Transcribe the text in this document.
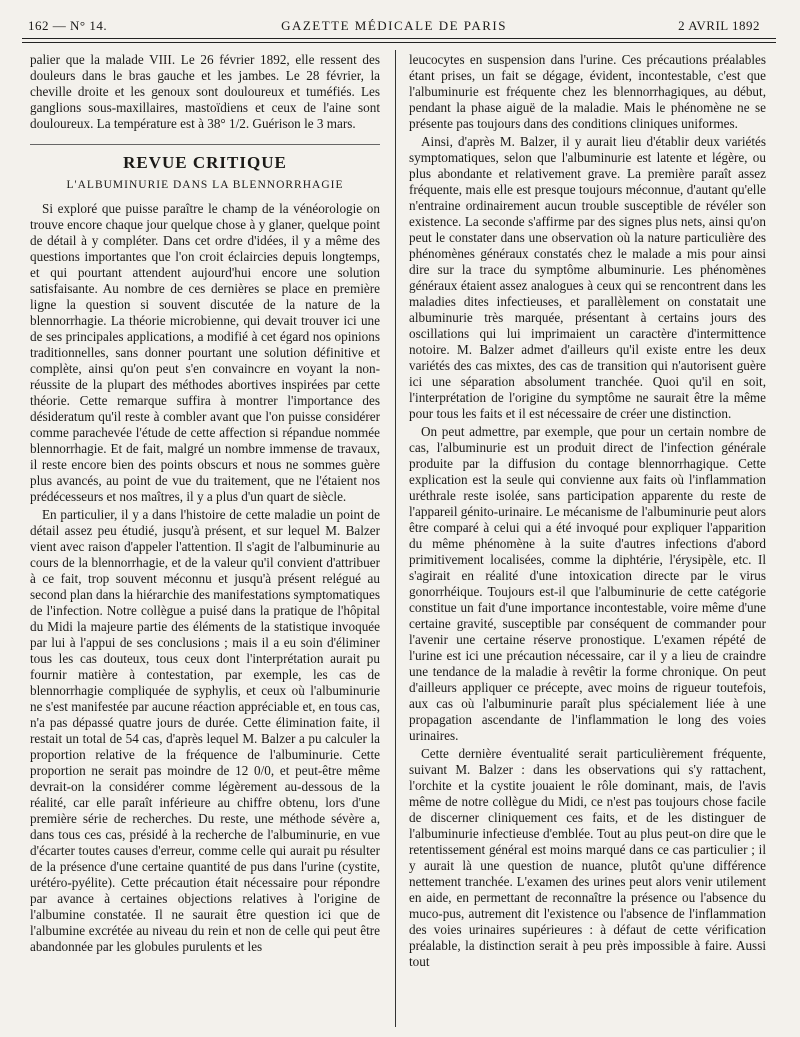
162 — N° 14.	GAZETTE MÉDICALE DE PARIS	2 AVRIL 1892

palier que la malade VIII. Le 26 février 1892, elle ressent des douleurs dans le bras gauche et les jambes. Le 28 février, la cheville droite et les genoux sont douloureux et tuméfiés. Les ganglions sous-maxillaires, mastoïdiens et ceux de l'aine sont douloureux. La température est à 38° 1/2. Guérison le 3 mars.

REVUE CRITIQUE
L'ALBUMINURIE DANS LA BLENNORRHAGIE

Si exploré que puisse paraître le champ de la vénéorologie on trouve encore chaque jour quelque chose à y glaner, quelque point de détail à y compléter. Dans cet ordre d'idées, il y a même des questions importantes que l'on croit éclaircies depuis longtemps, et qui pourtant attendent aujourd'hui encore une solution satisfaisante. Au nombre de ces dernières se place en première ligne la question si souvent discutée de la nature de la blennorrhagie. La théorie microbienne, qui devait trouver ici une de ses principales applications, a modifié à cet égard nos opinions traditionnelles, sans donner pourtant une solution définitive et complète, ainsi qu'on peut s'en convaincre en voyant la non-réussite de la plupart des méthodes abortives inspirées par cette théorie. Cette remarque suffira à montrer l'importance des désideratum qu'il reste à combler avant que l'on puisse considérer comme parachevée l'étude de cette affection si répandue nommée blennorrhagie. Et de fait, malgré un nombre immense de travaux, il reste encore bien des points obscurs et nous ne sommes guère plus avancés, au point de vue du traitement, que ne l'étaient nos prédécesseurs et nos maîtres, il y a plus d'un quart de siècle.

En particulier, il y a dans l'histoire de cette maladie un point de détail assez peu étudié, jusqu'à présent, et sur lequel M. Balzer vient avec raison d'appeler l'attention. Il s'agit de l'albuminurie au cours de la blennorrhagie, et de la valeur qu'il convient d'attribuer à ce fait, trop souvent méconnu et jusqu'à présent relégué au second plan dans la hiérarchie des manifestations symptomatiques de l'infection. Notre collègue a puisé dans la pratique de l'hôpital du Midi la majeure partie des éléments de la statistique invoquée par lui à l'appui de ses conclusions ; mais il a eu soin d'éliminer tous les cas douteux, tous ceux dont l'interprétation aurait pu fournir matière à contestation, par exemple, les cas de blennorrhagie compliquée de syphylis, et ceux où l'albuminurie ne s'est manifestée par aucune réaction appréciable et, en tous cas, n'a pas dépassé quatre jours de durée. Cette élimination faite, il restait un total de 54 cas, d'après lequel M. Balzer a pu calculer la proportion relative de la fréquence de l'albuminurie. Cette proportion ne serait pas moindre de 12 0/0, et peut-être même devrait-on la considérer comme légèrement au-dessous de la réalité, car elle paraît inférieure au chiffre obtenu, lors d'une première série de recherches. Du reste, une méthode sévère a, dans tous ces cas, présidé à la recherche de l'albuminurie, en vue d'écarter toutes causes d'erreur, comme celle qui aurait pu résulter de la présence d'une certaine quantité de pus dans l'urine (cystite, urétéro-pyélite). Cette précaution était nécessaire pour répondre par avance à certaines objections relatives à l'origine de l'albumine constatée. Il ne saurait être question ici que de l'albumine excrétée au niveau du rein et non de celle qui peut être abandonnée par les globules purulents et les

leucocytes en suspension dans l'urine. Ces précautions préalables étant prises, un fait se dégage, évident, incontestable, c'est que l'albuminurie est fréquente chez les blennorrhagiques, au début, pendant la phase aiguë de la maladie. Mais le phénomène ne se présente pas toujours dans des conditions cliniques uniformes.

Ainsi, d'après M. Balzer, il y aurait lieu d'établir deux variétés symptomatiques, selon que l'albuminurie est latente et légère, ou plus abondante et relativement grave. La première paraît assez fréquente, mais elle est presque toujours méconnue, d'autant qu'elle n'entraine ordinairement aucun trouble susceptible de révéler son existence. La seconde s'affirme par des signes plus nets, ainsi qu'on peut le constater dans une observation où la nature particulière des phénomènes généraux constatés chez le malade a mis pour ainsi dire sur la trace du symptôme albuminurie. Les phénomènes généraux étaient assez analogues à ceux qui se rencontrent dans les maladies dites infectieuses, et parallèlement on constatait une albuminurie très marquée, présentant à certains jours des oscillations qui lui imprimaient un caractère d'intermittence notoire. M. Balzer admet d'ailleurs qu'il existe entre les deux variétés des cas mixtes, des cas de transition qui n'autorisent guère ici une séparation absolument tranchée. Quoi qu'il en soit, l'interprétation de l'origine du symptôme ne saurait être la même pour tous les faits et il est nécessaire de créer une distinction.

On peut admettre, par exemple, que pour un certain nombre de cas, l'albuminurie est un produit direct de l'infection générale produite par la diffusion du contage blennorrhagique. Cette explication est la seule qui convienne aux faits où l'inflammation uréthrale reste isolée, sans participation apparente du reste de l'appareil génito-urinaire. Le mécanisme de l'albuminurie peut alors être comparé à celui qui a été invoqué pour expliquer l'apparition du même phénomène à la suite d'autres infections d'abord primitivement localisées, comme la diphtérie, l'érysipèle, etc. Il s'agirait en réalité d'une intoxication directe par le virus gonorrhéique. Toujours est-il que l'albuminurie de cette catégorie constitue un fait d'une importance incontestable, voire même d'une certaine gravité, susceptible par conséquent de commander pour l'avenir une certaine réserve pronostique. L'examen répété de l'urine est ici une précaution nécessaire, car il y a lieu de craindre une tendance de la maladie à revêtir la forme chronique. On peut d'ailleurs appliquer ce précepte, avec moins de rigueur toutefois, aux cas où l'albuminurie paraît plus spécialement liée à une propagation ascendante de l'inflammation le long des voies urinaires.

Cette dernière éventualité serait particulièrement fréquente, suivant M. Balzer : dans les observations qui s'y rattachent, l'orchite et la cystite jouaient le rôle dominant, mais, de l'avis même de notre collègue du Midi, ce n'est pas toujours chose facile de discerner cliniquement ces faits, et de les distinguer de l'albuminurie infectieuse d'emblée. Tout au plus peut-on dire que le retentissement général est moins marqué dans ce cas particulier ; il y aurait là une question de nuance, plutôt qu'une différence nettement tranchée. L'examen des urines peut alors venir utilement en aide, en permettant de reconnaître la présence ou l'absence du muco-pus, autrement dit l'existence ou l'absence de l'inflammation des voies urinaires supérieures : à défaut de cette vérification préalable, la distinction serait à peu près impossible à faire. Aussi tout
